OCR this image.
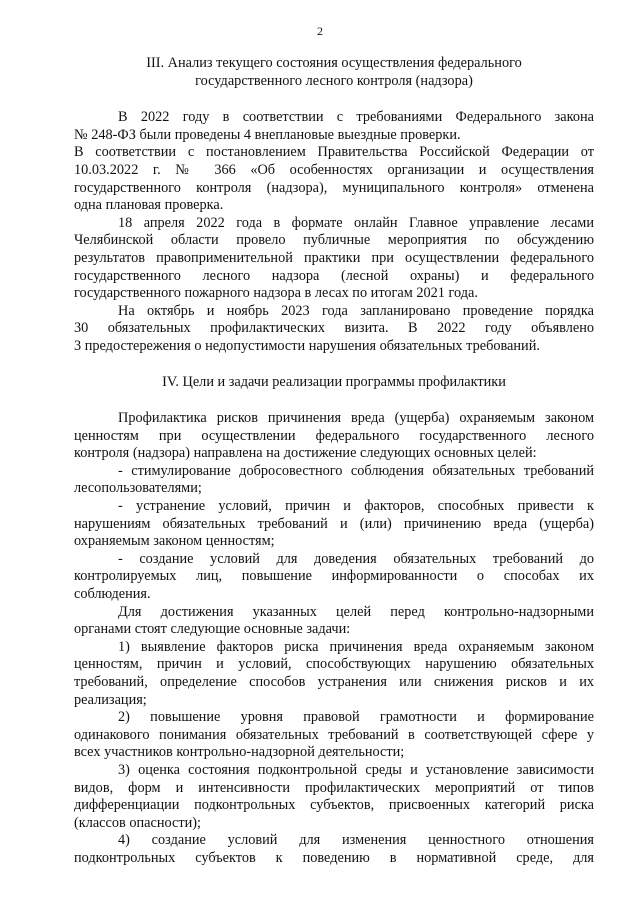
2
III. Анализ текущего состояния осуществления федерального
государственного лесного контроля (надзора)
В 2022 году в соответствии с требованиями Федерального закона
№ 248-ФЗ были проведены 4 внеплановые выездные проверки.
В соответствии с постановлением Правительства Российской Федерации от
10.03.2022 г. № 366 «Об особенностях организации и осуществления
государственного контроля (надзора), муниципального контроля» отменена
одна плановая проверка.
18 апреля 2022 года в формате онлайн Главное управление лесами
Челябинской области провело публичные мероприятия по обсуждению
результатов правоприменительной практики при осуществлении федерального
государственного лесного надзора (лесной охраны) и федерального
государственного пожарного надзора в лесах по итогам 2021 года.
На октябрь и ноябрь 2023 года запланировано проведение порядка
30 обязательных профилактических визита. В 2022 году объявлено
3 предостережения о недопустимости нарушения обязательных требований.
IV. Цели и задачи реализации программы профилактики
Профилактика рисков причинения вреда (ущерба) охраняемым законом
ценностям при осуществлении федерального государственного лесного
контроля (надзора) направлена на достижение следующих основных целей:
- стимулирование добросовестного соблюдения обязательных требований
лесопользователями;
- устранение условий, причин и факторов, способных привести к
нарушениям обязательных требований и (или) причинению вреда (ущерба)
охраняемым законом ценностям;
- создание условий для доведения обязательных требований до
контролируемых лиц, повышение информированности о способах их
соблюдения.
Для достижения указанных целей перед контрольно-надзорными
органами стоят следующие основные задачи:
1) выявление факторов риска причинения вреда охраняемым законом
ценностям, причин и условий, способствующих нарушению обязательных
требований, определение способов устранения или снижения рисков и их
реализация;
2) повышение уровня правовой грамотности и формирование
одинакового понимания обязательных требований в соответствующей сфере у
всех участников контрольно-надзорной деятельности;
3) оценка состояния подконтрольной среды и установление зависимости
видов, форм и интенсивности профилактических мероприятий от типов
дифференциации подконтрольных субъектов, присвоенных категорий риска
(классов опасности);
4) создание условий для изменения ценностного отношения
подконтрольных субъектов к поведению в нормативной среде, для
